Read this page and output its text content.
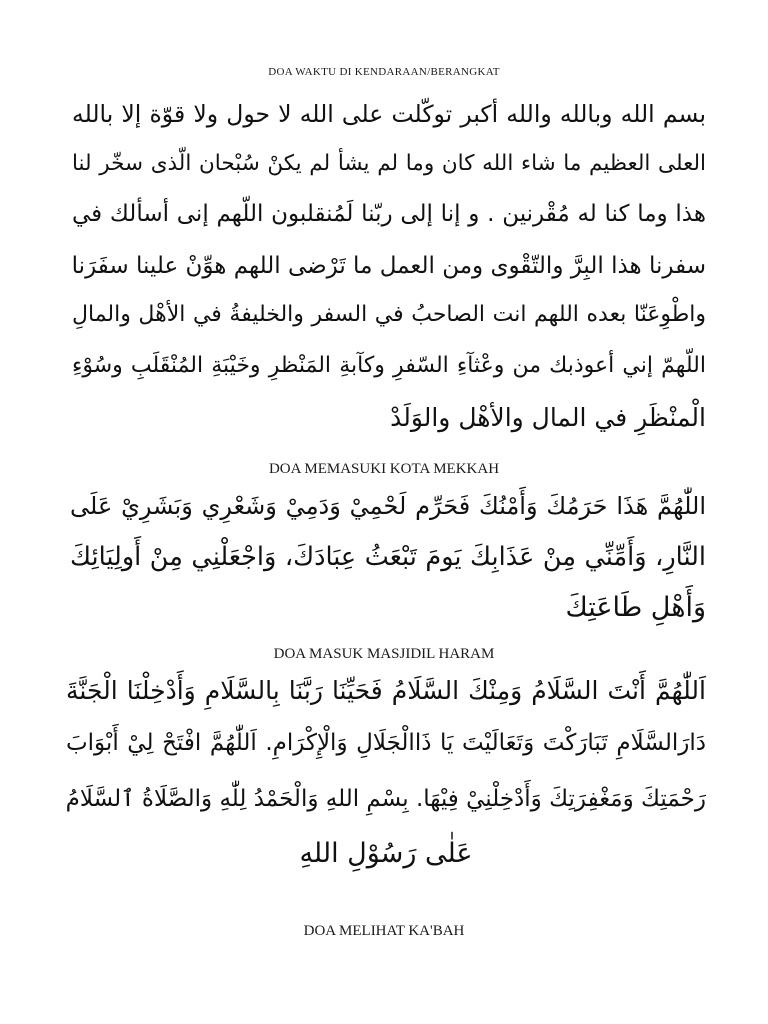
DOA WAKTU DI KENDARAAN/BERANGKAT
بسم الله وبالله والله أكبر توكّلت على الله لا حول ولا قوّة إلا بالله
العلى العظيم ما شاء الله كان وما لم يشأ لم يكنْ سُبْحان الّذى سخّر لنا
هذا وما كنا له مُقْرنين . و إنا إلى ربّنا لَمُنقلبون اللّهم إنى أسألك في
سفرنا هذا البِرَّ والتّقْوى ومن العمل ما تَرْضى اللهم هوِّنْ علينا سفَرَنا
واطْوِعَنّا بعده اللهم انت الصاحبُ في السفر والخليفةُ في الأهْل والمالِ
اللّهمّ إني أعوذبك من وعْثآءِ السّفرِ وكآبةِ المَنْظرِ وخَيْبَةِ المُنْقَلَبِ وسُوْءِ
الْمنْظَرِ في المال والأهْل والوَلَدْ
DOA MEMASUKI KOTA MEKKAH
اللّٰهُمَّ هَذَا حَرَمُكَ وَأَمْنُكَ فَحَرِّم لَحْمِيْ وَدَمِيْ وَشَعْرِي وَبَشَرِيْ عَلَى
النَّارِ، وَأَمِّنِّي مِنْ عَذَابِكَ يَومَ تَبْعَثُ عِبَادَكَ، وَاجْعَلْنِي مِنْ أَولِيَائِكَ
وَأَهْلِ طَاعَتِكَ
DOA MASUK MASJIDIL HARAM
اَللّٰهُمَّ أَنْتَ السَّلَامُ وَمِنْكَ السَّلَامُ فَحَيِّنَا رَبَّنَا بِالسَّلَامِ وَأَدْخِلْنَا الْجَنَّةَ
دَارَالسَّلَامِ تَبَارَكْتَ وَتَعَالَيْتَ يَا ذَاالْجَلَالِ وَالْإِكْرَامِ. اَللّٰهُمَّ افْتَحْ لِيْ أَبْوَابَ
رَحْمَتِكَ وَمَغْفِرَتِكَ وَأَدْخِلْنِيْ فِيْهَا. بِسْمِ اللهِ وَالْحَمْدُ لِلّٰهِ وَالصَّلَاةُ ٱلسَّلَامُ
عَلٰى رَسُوْلِ اللهِ
DOA MELIHAT KA'BAH
